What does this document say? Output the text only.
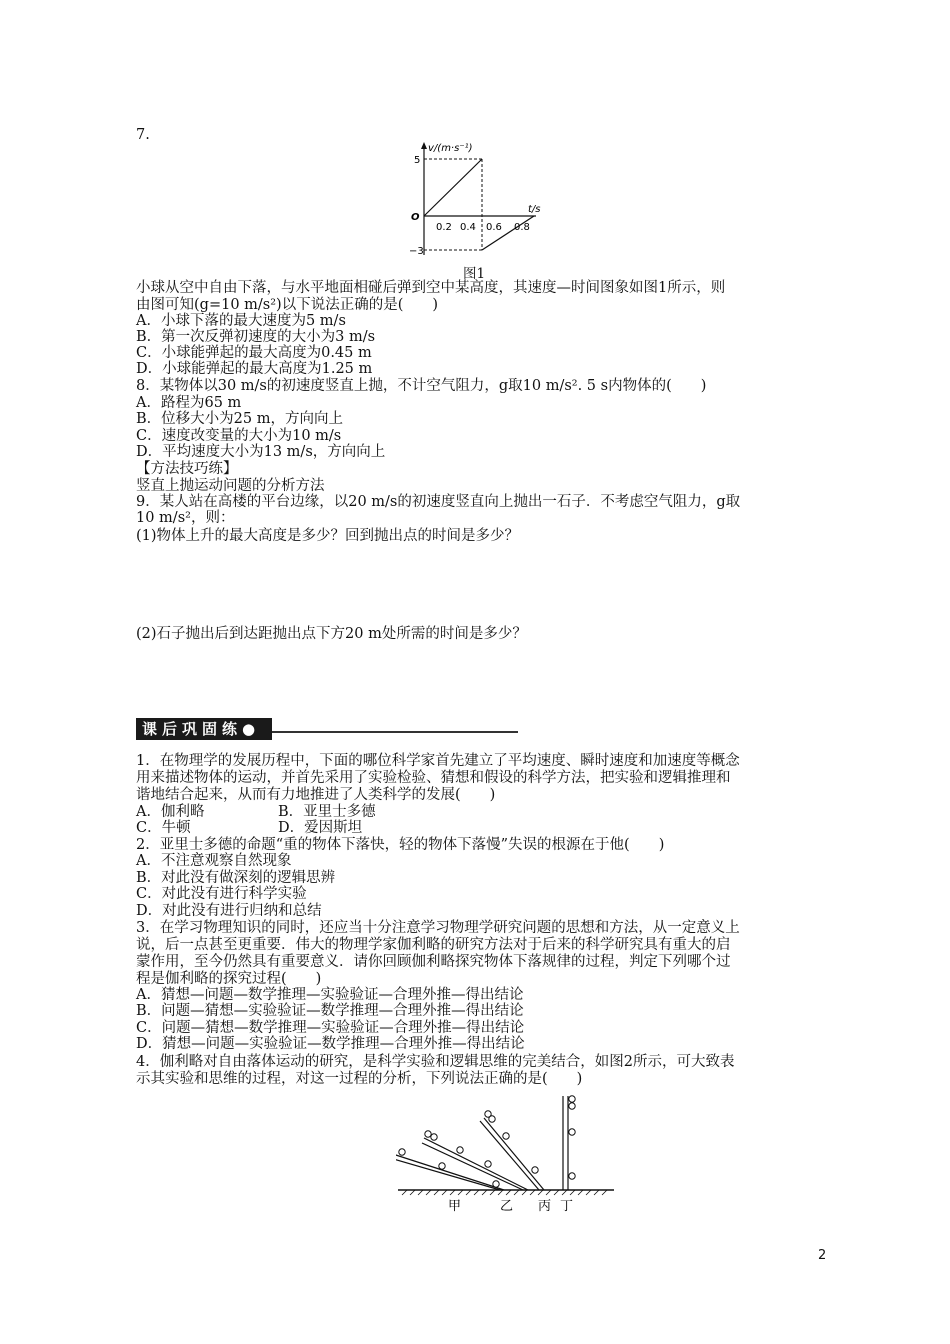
7.
v/(m·s⁻¹)
t/s
O
5
−3
0.2 0.4 0.6 0.8
图1
小球从空中自由下落，与水平地面相碰后弹到空中某高度，其速度—时间图象如图1所示，则
由图可知(g=10 m/s²)以下说法正确的是(　　)
A．小球下落的最大速度为5 m/s
B．第一次反弹初速度的大小为3 m/s
C．小球能弹起的最大高度为0.45 m
D．小球能弹起的最大高度为1.25 m
8．某物体以30 m/s的初速度竖直上抛，不计空气阻力，g取10 m/s². 5 s内物体的(　　)
A．路程为65 m
B．位移大小为25 m，方向向上
C．速度改变量的大小为10 m/s
D．平均速度大小为13 m/s，方向向上
【方法技巧练】
竖直上抛运动问题的分析方法
9．某人站在高楼的平台边缘，以20 m/s的初速度竖直向上抛出一石子．不考虑空气阻力，g取
10 m/s²，则：
(1)物体上升的最大高度是多少？回到抛出点的时间是多少？
(2)石子抛出后到达距抛出点下方20 m处所需的时间是多少？
课后巩固练●
1．在物理学的发展历程中，下面的哪位科学家首先建立了平均速度、瞬时速度和加速度等概念
用来描述物体的运动，并首先采用了实验检验、猜想和假设的科学方法，把实验和逻辑推理和
谐地结合起来，从而有力地推进了人类科学的发展(　　)
A．伽利略	B．亚里士多德
C．牛顿	D．爱因斯坦
2．亚里士多德的命题“重的物体下落快，轻的物体下落慢”失误的根源在于他(　　)
A．不注意观察自然现象
B．对此没有做深刻的逻辑思辨
C．对此没有进行科学实验
D．对此没有进行归纳和总结
3．在学习物理知识的同时，还应当十分注意学习物理学研究问题的思想和方法，从一定意义上
说，后一点甚至更重要．伟大的物理学家伽利略的研究方法对于后来的科学研究具有重大的启
蒙作用，至今仍然具有重要意义．请你回顾伽利略探究物体下落规律的过程，判定下列哪个过
程是伽利略的探究过程(　　)
A．猜想—问题—数学推理—实验验证—合理外推—得出结论
B．问题—猜想—实验验证—数学推理—合理外推—得出结论
C．问题—猜想—数学推理—实验验证—合理外推—得出结论
D．猜想—问题—实验验证—数学推理—合理外推—得出结论
4．伽利略对自由落体运动的研究，是科学实验和逻辑思维的完美结合，如图2所示，可大致表
示其实验和思维的过程，对这一过程的分析，下列说法正确的是(　　)
甲	乙 丙 丁
2
